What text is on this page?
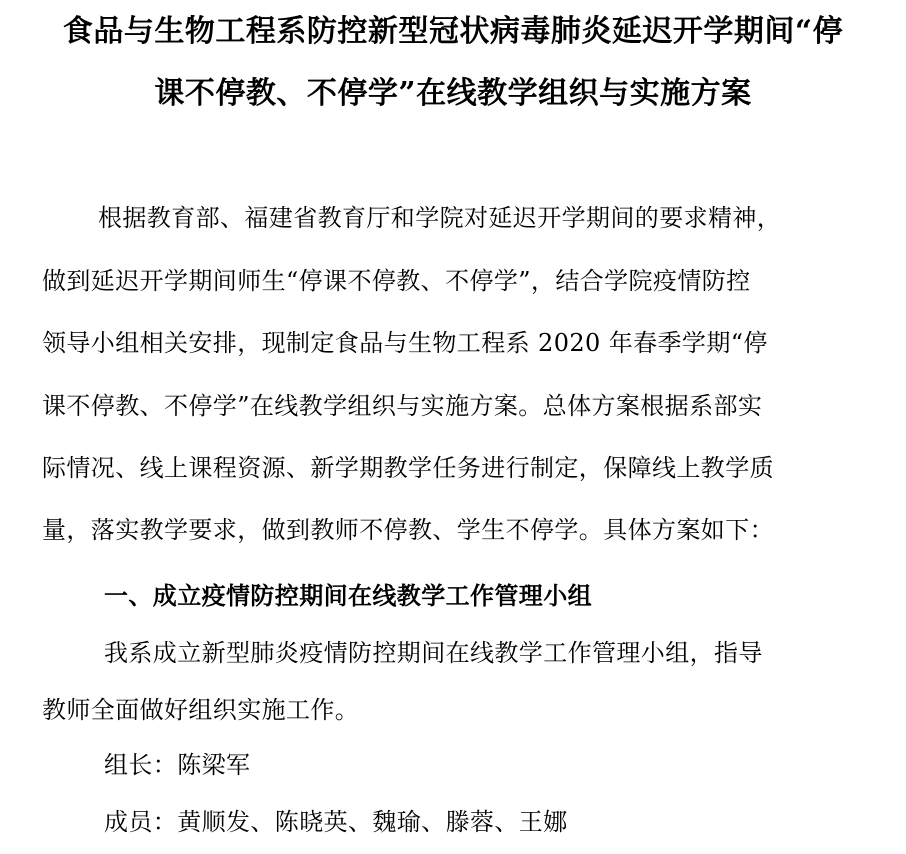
食品与生物工程系防控新型冠状病毒肺炎延迟开学期间“停
课不停教、不停学”在线教学组织与实施方案
根据教育部、福建省教育厅和学院对延迟开学期间的要求精神，
做到延迟开学期间师生“停课不停教、不停学”，结合学院疫情防控
领导小组相关安排，现制定食品与生物工程系 2020 年春季学期“停
课不停教、不停学”在线教学组织与实施方案。总体方案根据系部实
际情况、线上课程资源、新学期教学任务进行制定，保障线上教学质
量，落实教学要求，做到教师不停教、学生不停学。具体方案如下：
一、成立疫情防控期间在线教学工作管理小组
我系成立新型肺炎疫情防控期间在线教学工作管理小组，指导
教师全面做好组织实施工作。
组长：陈梁军
成员：黄顺发、陈晓英、魏瑜、滕蓉、王娜
